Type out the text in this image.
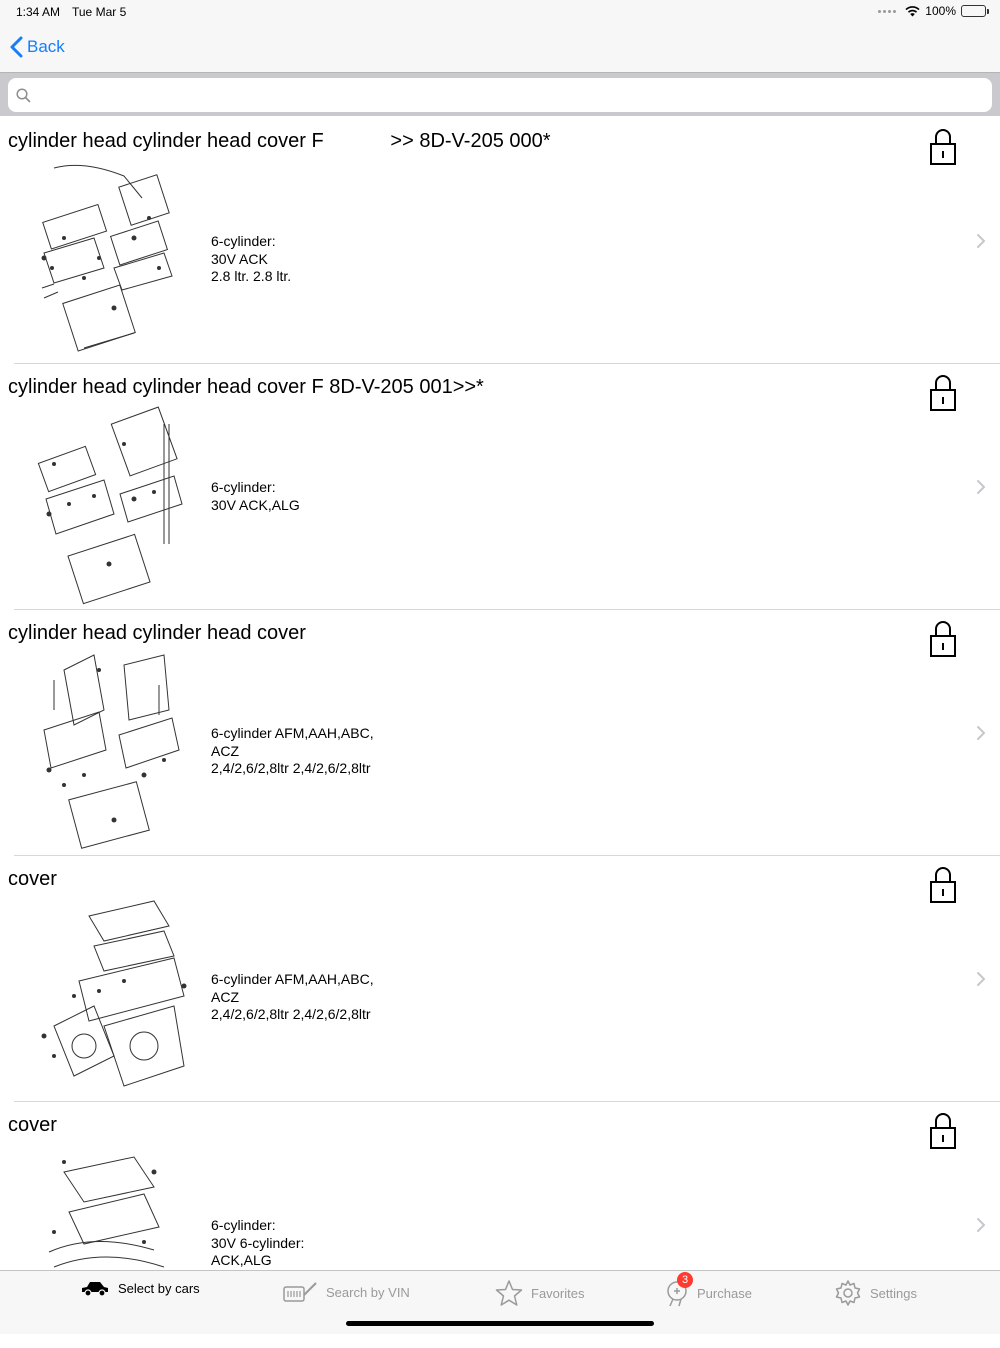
1:34 AM Tue Mar 5	100%
Back
cylinder head cylinder head cover F            >> 8D-V-205 000*
6-cylinder:
30V ACK
2.8 ltr. 2.8 ltr.
cylinder head cylinder head cover F 8D-V-205 001>>*
6-cylinder:
30V ACK,ALG
cylinder head cylinder head cover
6-cylinder AFM,AAH,ABC,
ACZ
2,4/2,6/2,8ltr 2,4/2,6/2,8ltr
cover
6-cylinder AFM,AAH,ABC,
ACZ
2,4/2,6/2,8ltr 2,4/2,6/2,8ltr
cover
6-cylinder:
30V 6-cylinder:
ACK,ALG
Select by cars	Search by VIN	Favorites
3
Purchase	Settings
